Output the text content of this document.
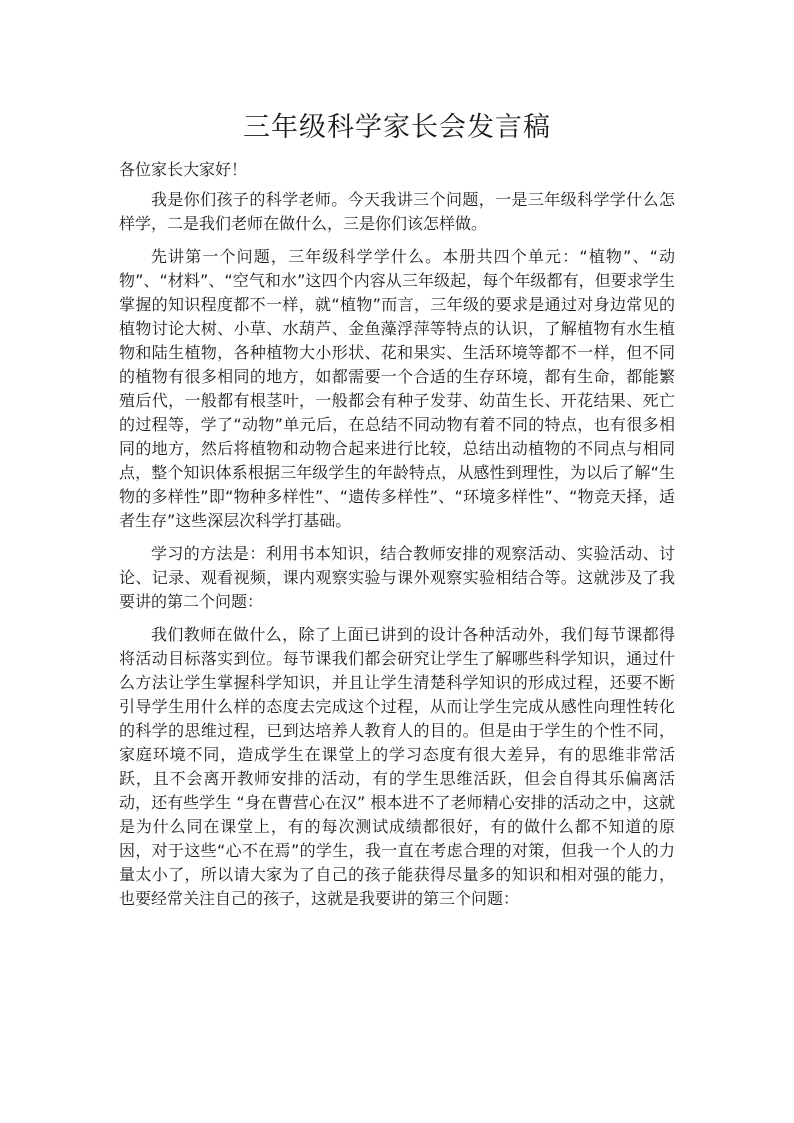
三年级科学家长会发言稿

各位家长大家好！

我是你们孩子的科学老师。今天我讲三个问题，一是三年级科学学什么怎样学，二是我们老师在做什么，三是你们该怎样做。

先讲第一个问题，三年级科学学什么。本册共四个单元：“植物”、“动物”、“材料”、“空气和水”这四个内容从三年级起，每个年级都有，但要求学生掌握的知识程度都不一样，就“植物”而言，三年级的要求是通过对身边常见的植物讨论大树、小草、水葫芦、金鱼藻浮萍等特点的认识，了解植物有水生植物和陆生植物，各种植物大小形状、花和果实、生活环境等都不一样，但不同的植物有很多相同的地方，如都需要一个合适的生存环境，都有生命，都能繁殖后代，一般都有根茎叶，一般都会有种子发芽、幼苗生长、开花结果、死亡的过程等，学了“动物”单元后，在总结不同动物有着不同的特点，也有很多相同的地方，然后将植物和动物合起来进行比较，总结出动植物的不同点与相同点，整个知识体系根据三年级学生的年龄特点，从感性到理性，为以后了解“生物的多样性”即“物种多样性”、“遗传多样性”、“环境多样性”、“物竞天择，适者生存”这些深层次科学打基础。

学习的方法是：利用书本知识，结合教师安排的观察活动、实验活动、讨论、记录、观看视频，课内观察实验与课外观察实验相结合等。这就涉及了我要讲的第二个问题：

我们教师在做什么，除了上面已讲到的设计各种活动外，我们每节课都得将活动目标落实到位。每节课我们都会研究让学生了解哪些科学知识，通过什么方法让学生掌握科学知识，并且让学生清楚科学知识的形成过程，还要不断引导学生用什么样的态度去完成这个过程，从而让学生完成从感性向理性转化的科学的思维过程，已到达培养人教育人的目的。但是由于学生的个性不同，家庭环境不同，造成学生在课堂上的学习态度有很大差异，有的思维非常活跃，且不会离开教师安排的活动，有的学生思维活跃，但会自得其乐偏离活动，还有些学生 “身在曹营心在汉” 根本进不了老师精心安排的活动之中，这就是为什么同在课堂上，有的每次测试成绩都很好，有的做什么都不知道的原因，对于这些“心不在焉”的学生，我一直在考虑合理的对策，但我一个人的力量太小了，所以请大家为了自己的孩子能获得尽量多的知识和相对强的能力，也要经常关注自己的孩子，这就是我要讲的第三个问题：
